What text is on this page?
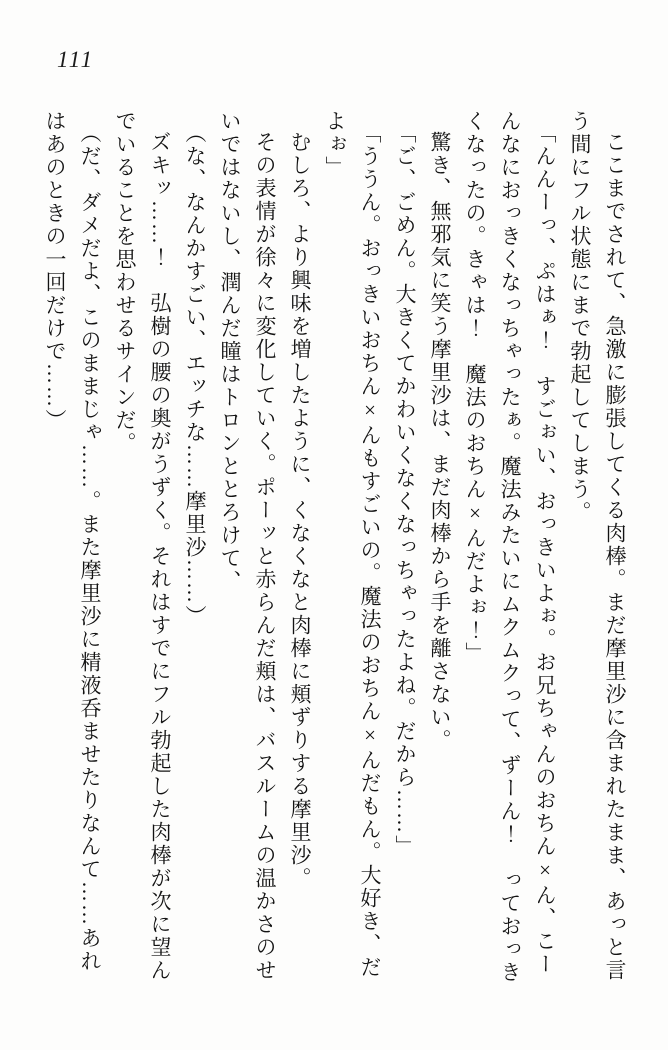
111

ここまでされて、急激に膨張してくる肉棒。まだ摩里沙に含まれたまま、あっと言う間にフル状態にまで勃起してしまう。

「んんーっ、ぷはぁ！　すごぉい、おっきいよぉ。お兄ちゃんのおちん×ん、こーんなにおっきくなっちゃったぁ。魔法みたいにムクムクって、ずーん！　っておっきくなったの。きゃは！　魔法のおちん×んだよぉ！」

驚き、無邪気に笑う摩里沙は、まだ肉棒から手を離さない。

「ご、ごめん。大きくてかわいくなくなっちゃったよね。だから……」

「ううん。おっきいおちん×んもすごいの。魔法のおちん×んだもん。大好き、だよぉ」

むしろ、より興味を増したように、くなくなと肉棒に頬ずりする摩里沙。

その表情が徐々に変化していく。ポーッと赤らんだ頬は、バスルームの温かさのせいではないし、潤んだ瞳はトロンととろけて、

（な、なんかすごい、エッチな……摩里沙……）

ズキッ……！　弘樹の腰の奥がうずく。それはすでにフル勃起した肉棒が次に望んでいることを思わせるサインだ。

（だ、ダメだよ、このままじゃ……。また摩里沙に精液呑ませたりなんて……あれはあのときの一回だけで……）
